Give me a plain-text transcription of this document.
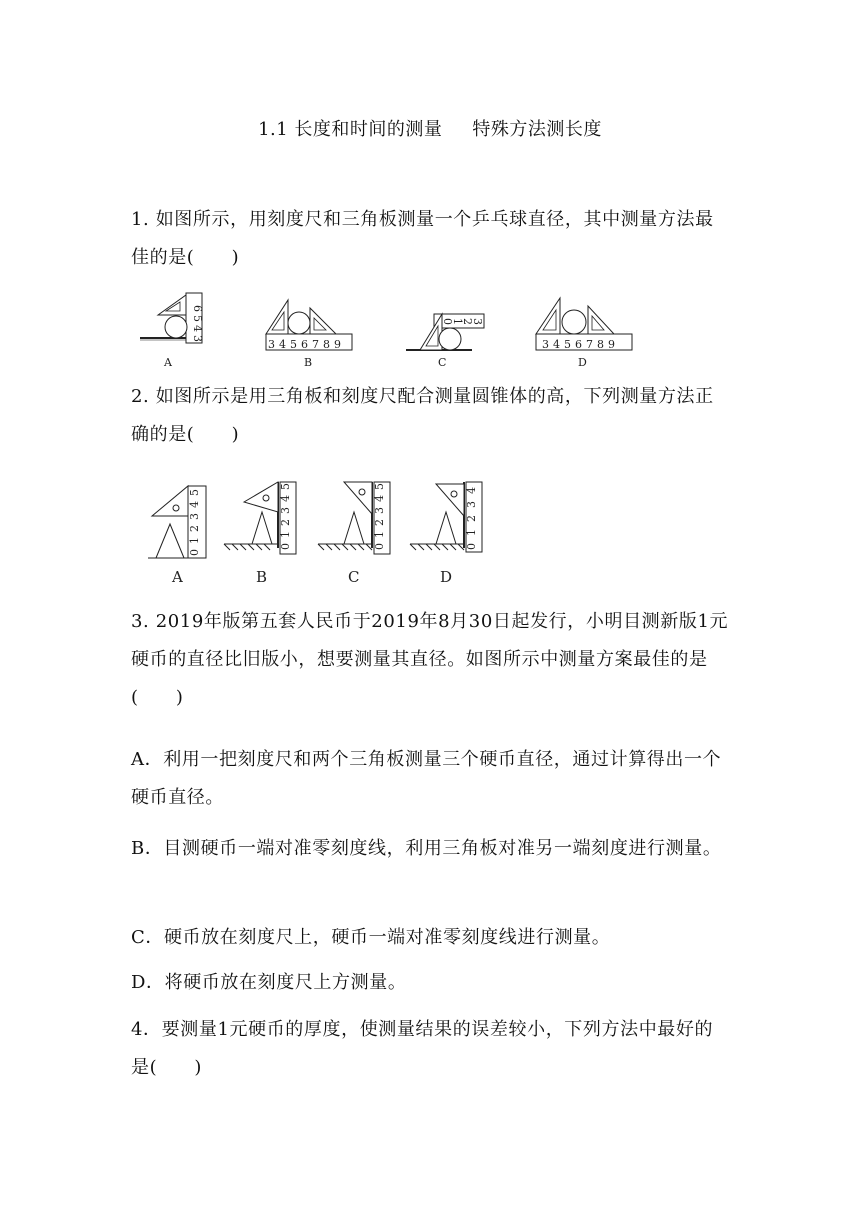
1.1 长度和时间的测量 特殊方法测长度
1. 如图所示，用刻度尺和三角板测量一个乒乓球直径，其中测量方法最佳的是(　　)
6
5
4
3
A
3 4 5 6 7 8 9
B
0
1
2
3
C
3 4 5 6 7 8 9
D
2. 如图所示是用三角板和刻度尺配合测量圆锥体的高，下列测量方法正确的是(　　)
0
1
2
3
4
5
A
0
1
2
3
4
5
B
0
1
2
3
4
5
C
0
1
2
3
4
D
3. 2019年版第五套人民币于2019年8月30日起发行，小明目测新版1元硬币的直径比旧版小，想要测量其直径。如图所示中测量方案最佳的是(　　)
A．利用一把刻度尺和两个三角板测量三个硬币直径，通过计算得出一个硬币直径。
B．目测硬币一端对准零刻度线，利用三角板对准另一端刻度进行测量。
C．硬币放在刻度尺上，硬币一端对准零刻度线进行测量。
D．将硬币放在刻度尺上方测量。
4．要测量1元硬币的厚度，使测量结果的误差较小，下列方法中最好的是(　　)
